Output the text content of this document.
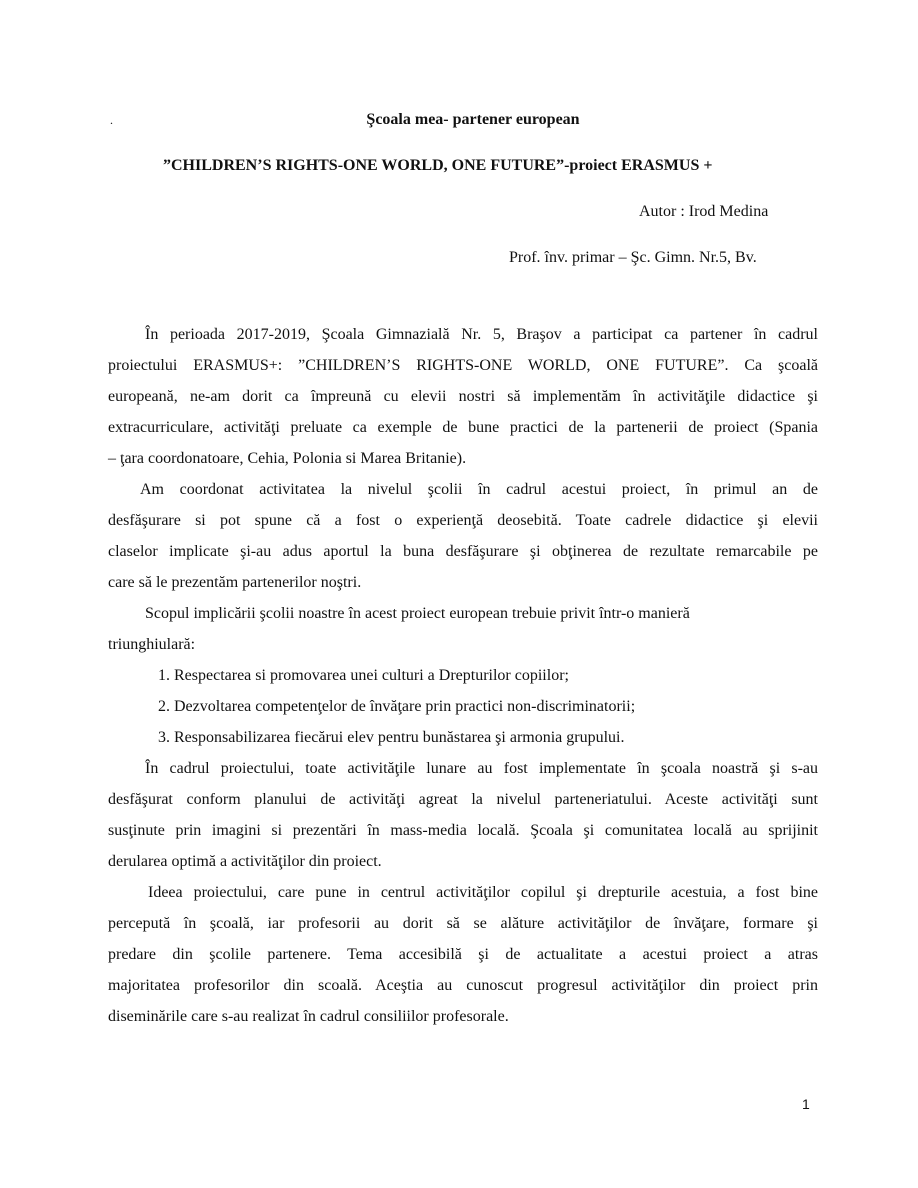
.	Şcoala mea- partener european
”CHILDREN’S RIGHTS-ONE WORLD, ONE FUTURE”-proiect ERASMUS +
Autor : Irod Medina
Prof. înv. primar – Şc. Gimn. Nr.5, Bv.
În perioada 2017-2019, Şcoala Gimnazială Nr. 5, Braşov a participat ca partener în cadrul
proiectului ERASMUS+: ”CHILDREN’S RIGHTS-ONE WORLD, ONE FUTURE”. Ca şcoală
europeană, ne-am dorit ca împreună cu elevii nostri să implementăm în activităţile didactice şi
extracurriculare, activităţi preluate ca exemple de bune practici de la partenerii de proiect (Spania
– ţara coordonatoare, Cehia, Polonia si Marea Britanie).
Am coordonat activitatea la nivelul şcolii în cadrul acestui proiect, în primul an de
desfăşurare si pot spune că a fost o experienţă deosebită. Toate cadrele didactice şi elevii
claselor implicate şi-au adus aportul la buna desfăşurare şi obţinerea de rezultate remarcabile pe
care să le prezentăm partenerilor noştri.
Scopul implicării şcolii noastre în acest proiect european trebuie privit într-o manieră
triunghiulară:
1. Respectarea si promovarea unei culturi a Drepturilor copiilor;
2. Dezvoltarea competenţelor de învăţare prin practici non-discriminatorii;
3. Responsabilizarea fiecărui elev pentru bunăstarea şi armonia grupului.
În cadrul proiectului, toate activităţile lunare au fost implementate în şcoala noastră şi s-au
desfăşurat conform planului de activităţi agreat la nivelul parteneriatului. Aceste activităţi sunt
susţinute prin imagini si prezentări în mass-media locală. Şcoala şi comunitatea locală au sprijinit
derularea optimă a activităţilor din proiect.
Ideea proiectului, care pune in centrul activităţilor copilul şi drepturile acestuia, a fost bine
percepută în şcoală, iar profesorii au dorit să se alăture activităţilor de învăţare, formare şi
predare din şcolile partenere. Tema accesibilă şi de actualitate a acestui proiect a atras
majoritatea profesorilor din scoală. Aceştia au cunoscut progresul activităţilor din proiect prin
diseminările care s-au realizat în cadrul consiliilor profesorale.
1
